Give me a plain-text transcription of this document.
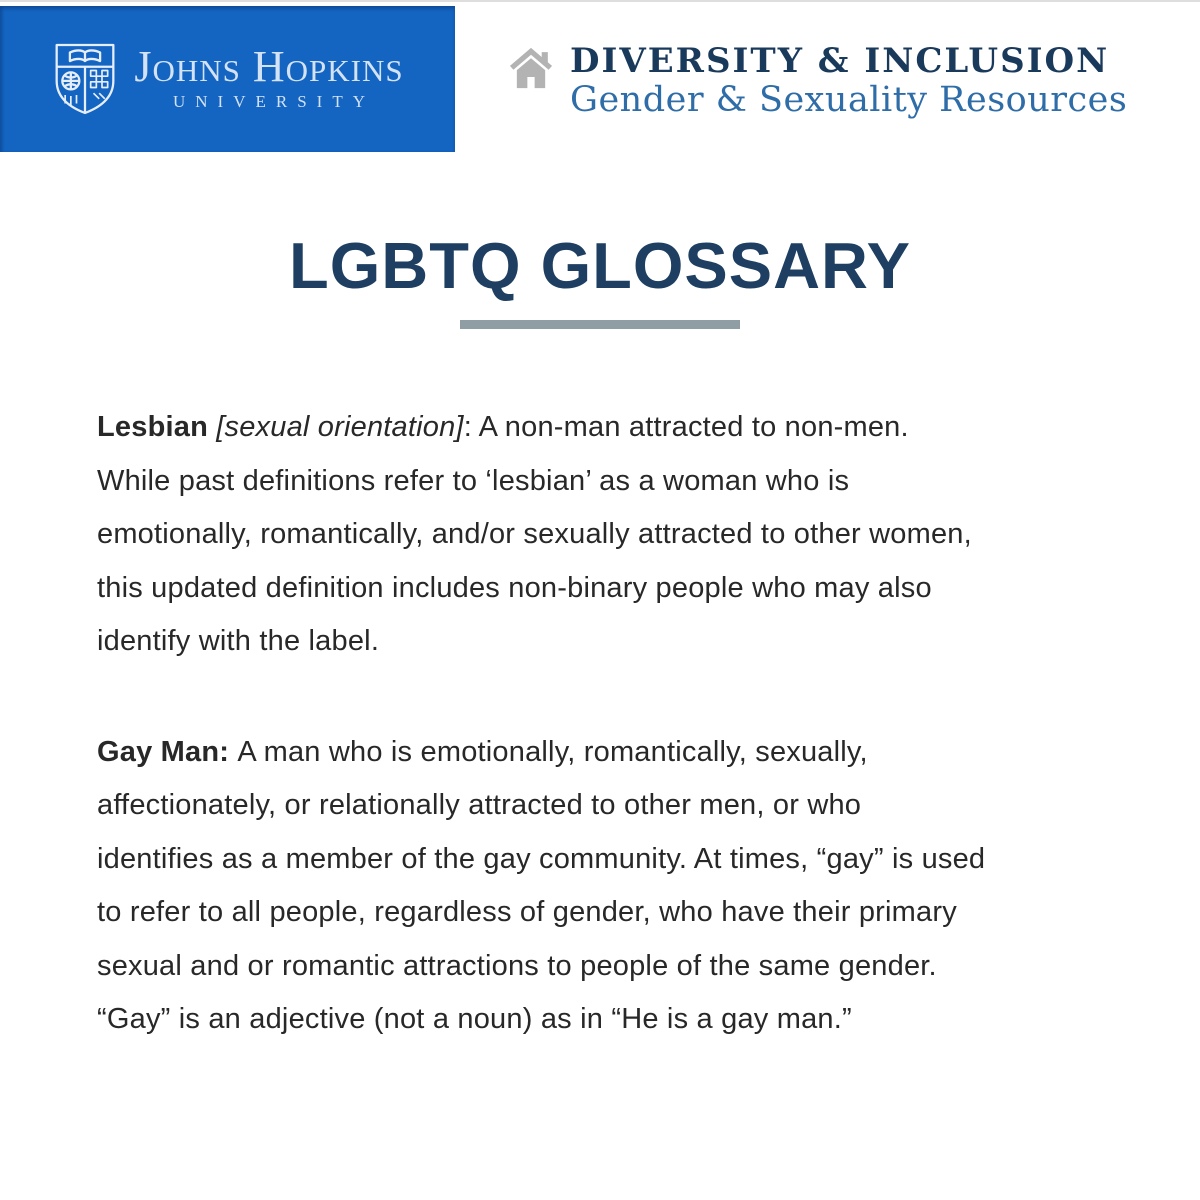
Johns Hopkins
UNIVERSITY
DIVERSITY & INCLUSION
Gender & Sexuality Resources
LGBTQ GLOSSARY
Lesbian [sexual orientation]: A non-man attracted to non-men.
While past definitions refer to ‘lesbian’ as a woman who is
emotionally, romantically, and/or sexually attracted to other women,
this updated definition includes non-binary people who may also
identify with the label.
Gay Man: A man who is emotionally, romantically, sexually,
affectionately, or relationally attracted to other men, or who
identifies as a member of the gay community. At times, “gay” is used
to refer to all people, regardless of gender, who have their primary
sexual and or romantic attractions to people of the same gender.
“Gay” is an adjective (not a noun) as in “He is a gay man.”
